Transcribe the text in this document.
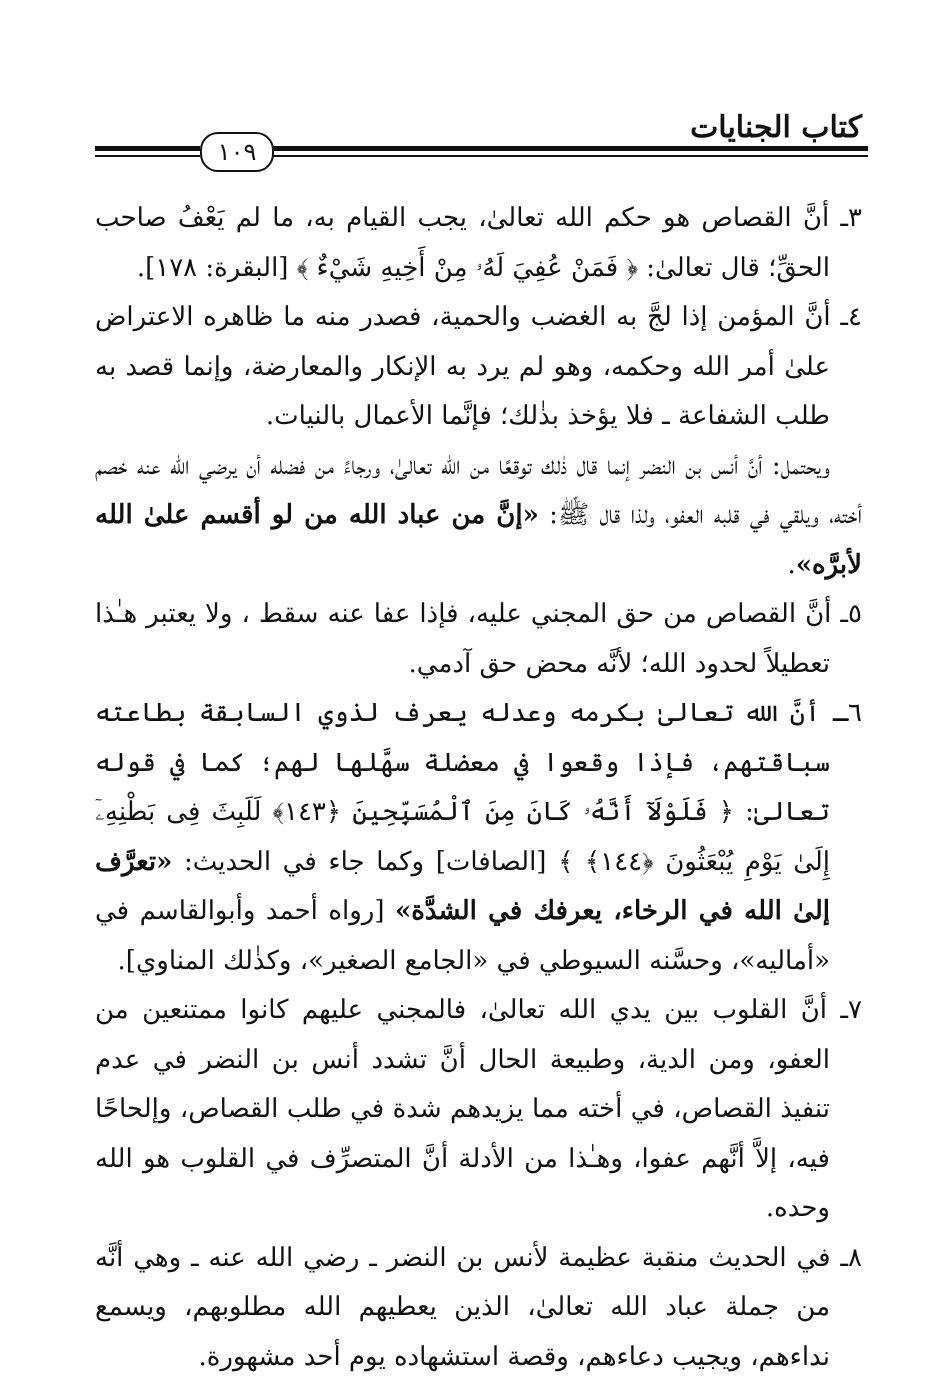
كتاب الجنايات
١٠٩

٣ـ أنَّ القصاص هو حكم الله تعالىٰ، يجب القيام به، ما لم يَعْفُ صاحب الحقِّ؛ قال تعالىٰ: ﴿ فَمَنْ عُفِيَ لَهُۥ مِنْ أَخِيهِ شَيْءٌ ﴾ [البقرة: ١٧٨].

٤ـ أنَّ المؤمن إذا لجَّ به الغضب والحمية، فصدر منه ما ظاهره الاعتراض علىٰ أمر الله وحكمه، وهو لم يرد به الإنكار والمعارضة، وإنما قصد به طلب الشفاعة ـ فلا يؤخذ بذٰلك؛ فإنَّما الأعمال بالنيات.

ويحتمل: أنَّ أنس بن النضر إنما قال ذٰلك توقعًا من الله تعالىٰ، ورجاءً من فضله أن يرضي الله عنه خصم أخته، ويلقي في قلبه العفو، ولذا قال ﷺ: «إنَّ من عباد الله من لو أقسم علىٰ الله لأبرَّه».

٥ـ أنَّ القصاص من حق المجني عليه، فإذا عفا عنه سقط ، ولا يعتبر هـٰذا تعطيلاً لحدود الله؛ لأنَّه محض حق آدمي.

٦ـ أنَّ الله تعالىٰ بكرمه وعدله يعرف لذوي السابقة بطاعته سباقتهم، فإذا وقعوا في معضلة سهَّلها لهم؛ كما في قوله تعالىٰ: ﴿ فَلَوْلَآ أَنَّهُۥ كَانَ مِنَ ٱلْمُسَبِّحِينَ ﴿١٤٣﴾ لَلَبِثَ فِى بَطْنِهِۦٓ إِلَىٰ يَوْمِ يُبْعَثُونَ ﴿١٤٤﴾ ﴾ [الصافات] وكما جاء في الحديث: «تعرَّف إلىٰ الله في الرخاء، يعرفك في الشدَّة» [رواه أحمد وأبوالقاسم في «أماليه»، وحسَّنه السيوطي في «الجامع الصغير»، وكذٰلك المناوي].

٧ـ أنَّ القلوب بين يدي الله تعالىٰ، فالمجني عليهم كانوا ممتنعين من العفو، ومن الدية، وطبيعة الحال أنَّ تشدد أنس بن النضر في عدم تنفيذ القصاص، في أخته مما يزيدهم شدة في طلب القصاص، وإلحاحًا فيه، إلاَّ أنَّهم عفوا، وهـٰذا من الأدلة أنَّ المتصرِّف في القلوب هو الله وحده.

٨ـ في الحديث منقبة عظيمة لأنس بن النضر ـ رضي الله عنه ـ وهي أنَّه من جملة عباد الله تعالىٰ، الذين يعطيهم الله مطلوبهم، ويسمع نداءهم، ويجيب دعاءهم، وقصة استشهاده يوم أحد مشهورة.
